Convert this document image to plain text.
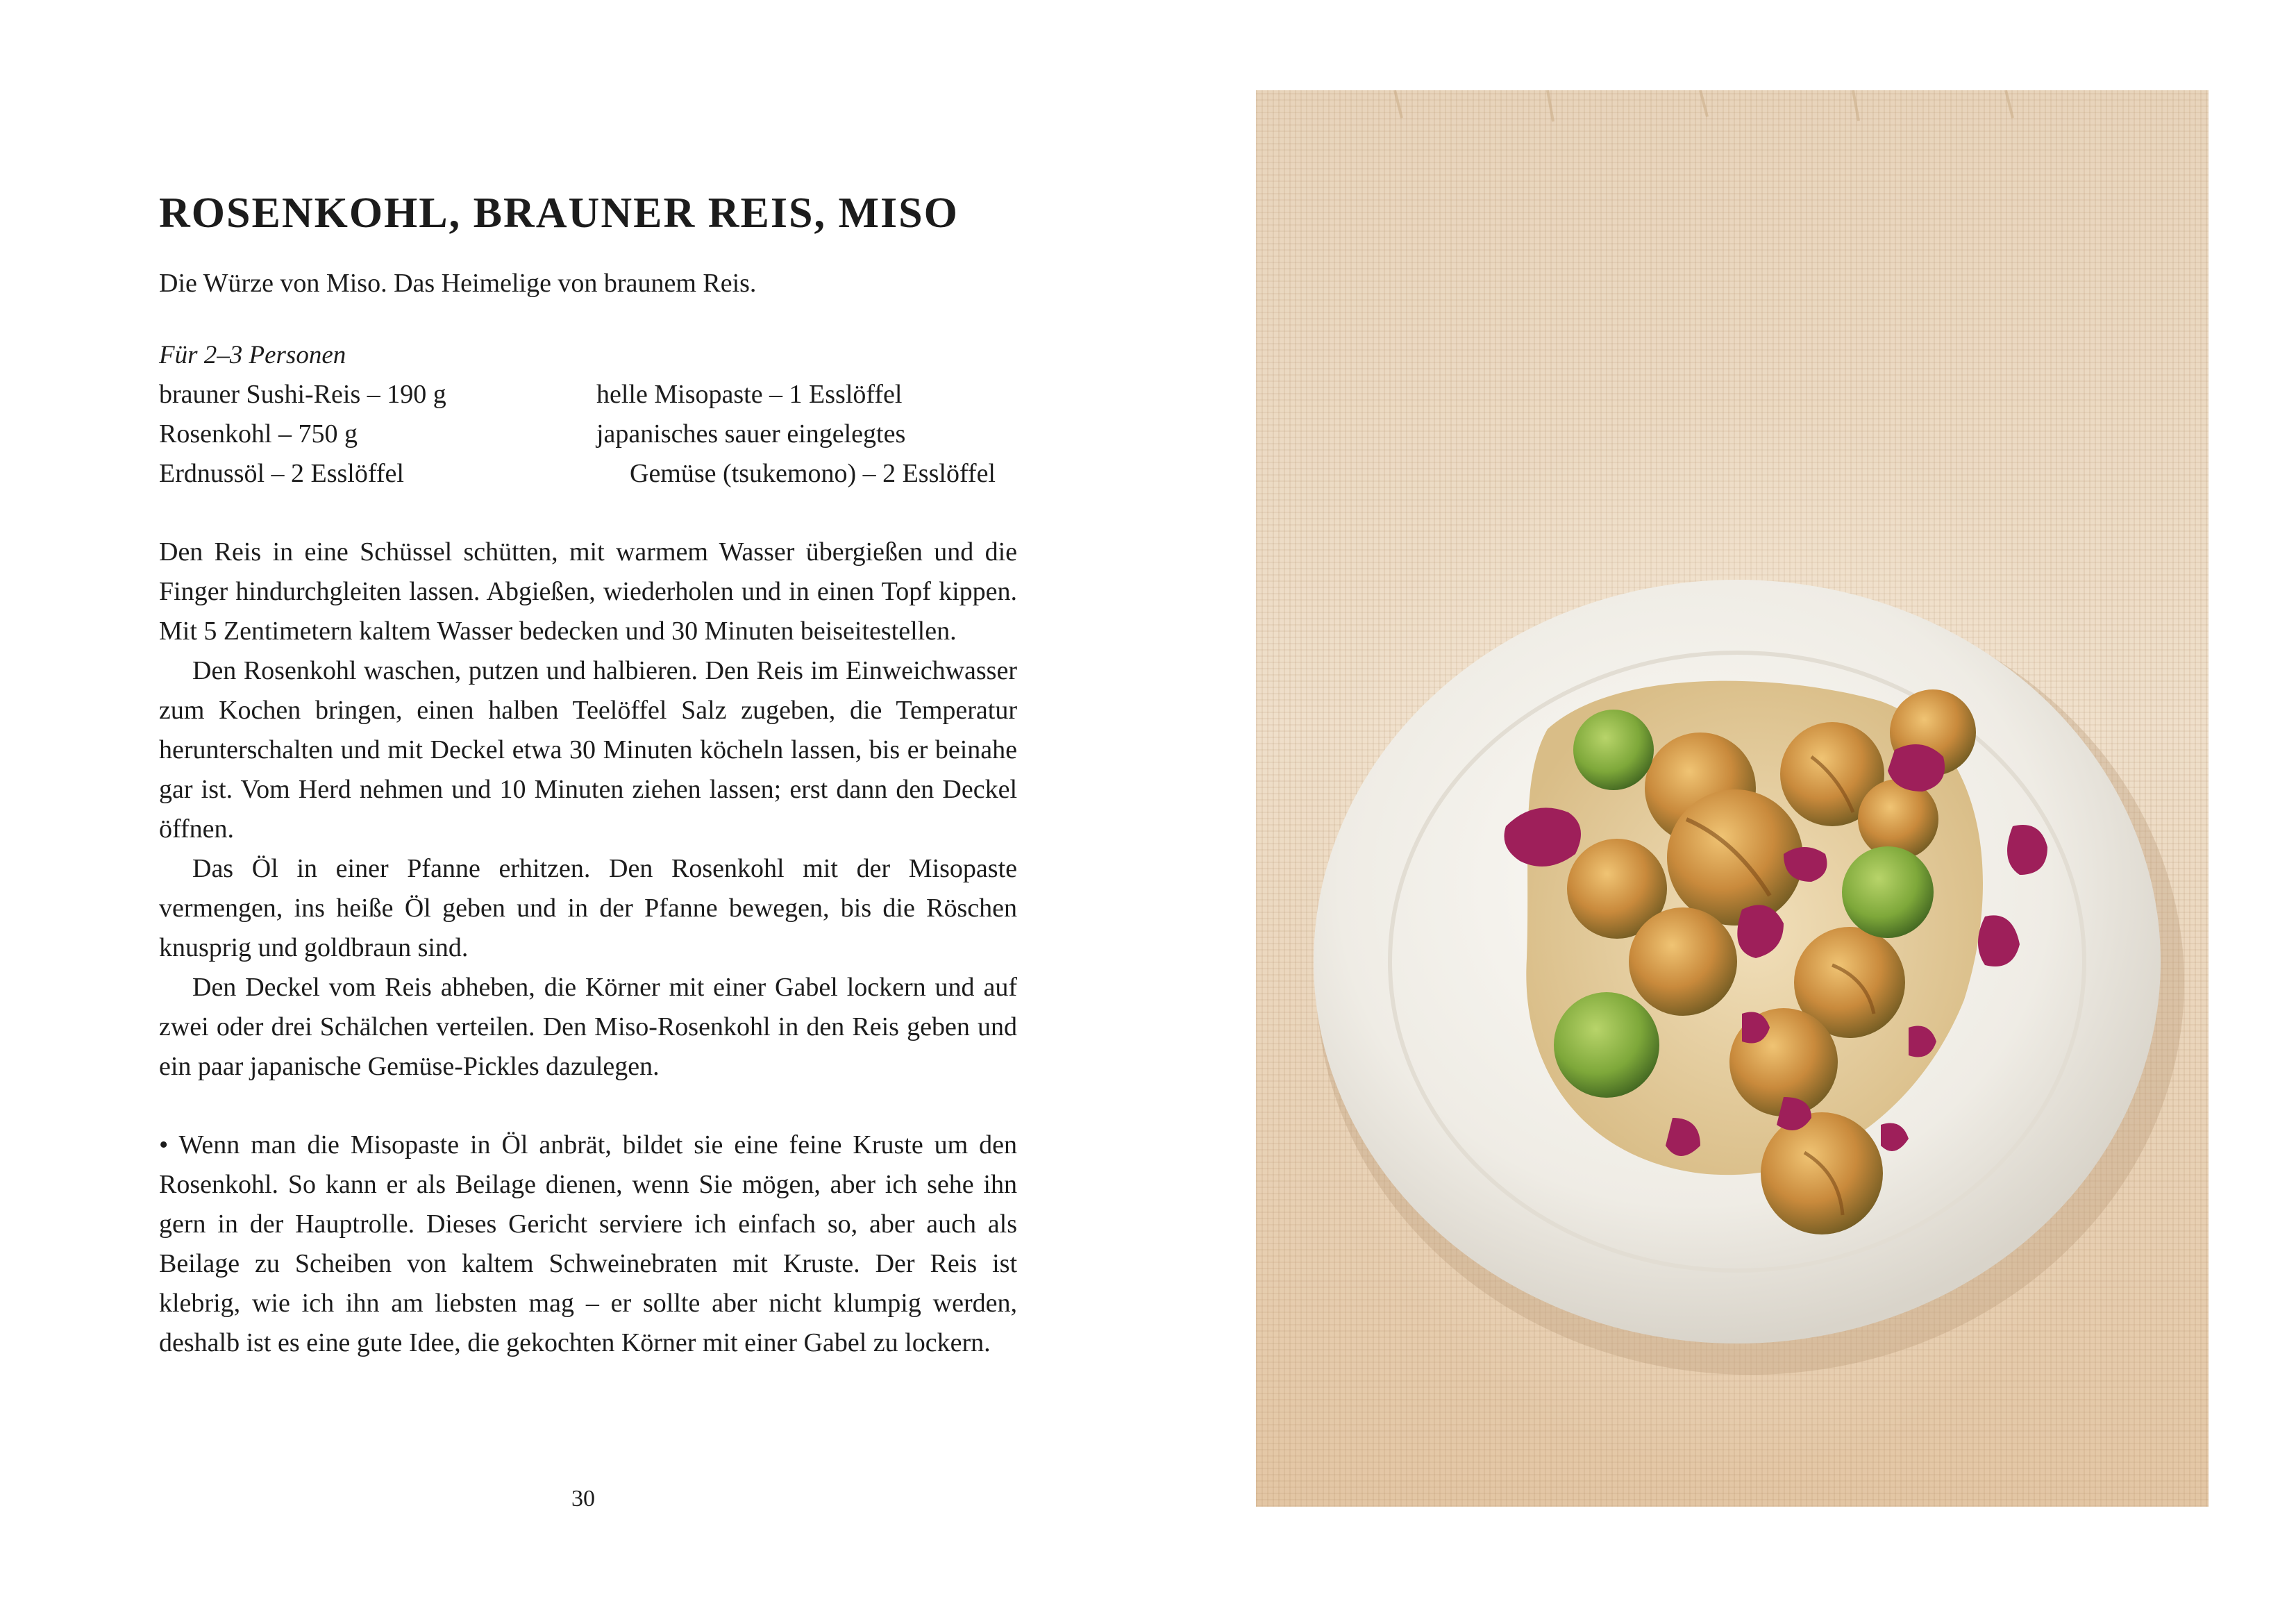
ROSENKOHL, BRAUNER REIS, MISO

Die Würze von Miso. Das Heimelige von braunem Reis.

Für 2–3 Personen
brauner Sushi-Reis – 190 g
Rosenkohl – 750 g
Erdnussöl – 2 Esslöffel
helle Misopaste – 1 Esslöffel
japanisches sauer eingelegtes
Gemüse (tsukemono) – 2 Esslöffel

Den Reis in eine Schüssel schütten, mit warmem Wasser übergießen und die Finger hindurchgleiten lassen. Abgießen, wiederholen und in einen Topf kippen. Mit 5 Zentimetern kaltem Wasser bedecken und 30 Minuten beiseitestellen.

Den Rosenkohl waschen, putzen und halbieren. Den Reis im Einweichwasser zum Kochen bringen, einen halben Teelöffel Salz zugeben, die Temperatur herunterschalten und mit Deckel etwa 30 Minuten köcheln lassen, bis er beinahe gar ist. Vom Herd nehmen und 10 Minuten ziehen lassen; erst dann den Deckel öffnen.

Das Öl in einer Pfanne erhitzen. Den Rosenkohl mit der Misopaste vermengen, ins heiße Öl geben und in der Pfanne bewegen, bis die Röschen knusprig und goldbraun sind.

Den Deckel vom Reis abheben, die Körner mit einer Gabel lockern und auf zwei oder drei Schälchen verteilen. Den Miso-Rosenkohl in den Reis geben und ein paar japanische Gemüse-Pickles dazulegen.

• Wenn man die Misopaste in Öl anbrät, bildet sie eine feine Kruste um den Rosenkohl. So kann er als Beilage dienen, wenn Sie mögen, aber ich sehe ihn gern in der Hauptrolle. Dieses Gericht serviere ich einfach so, aber auch als Beilage zu Scheiben von kaltem Schweinebraten mit Kruste. Der Reis ist klebrig, wie ich ihn am liebsten mag – er sollte aber nicht klumpig werden, deshalb ist es eine gute Idee, die gekochten Körner mit einer Gabel zu lockern.

30
